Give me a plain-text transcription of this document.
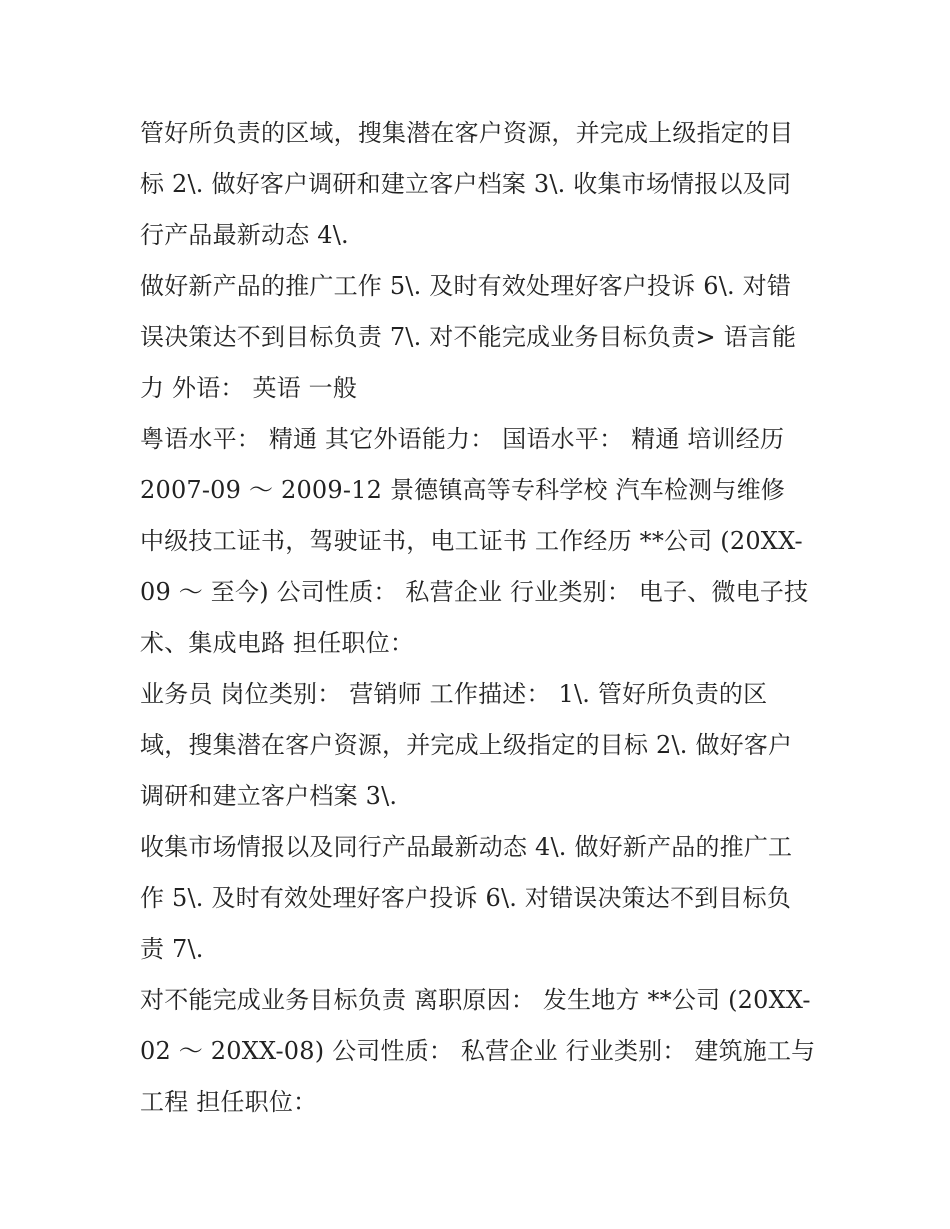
管好所负责的区域，搜集潜在客户资源，并完成上级指定的目
标 2\. 做好客户调研和建立客户档案 3\. 收集市场情报以及同
行产品最新动态 4\.
做好新产品的推广工作 5\. 及时有效处理好客户投诉 6\. 对错
误决策达不到目标负责 7\. 对不能完成业务目标负责> 语言能
力 外语： 英语 一般
粤语水平： 精通 其它外语能力： 国语水平： 精通 培训经历
2007-09 ～ 2009-12 景德镇高等专科学校 汽车检测与维修
中级技工证书，驾驶证书，电工证书 工作经历 **公司 (20XX-
09 ～ 至今) 公司性质： 私营企业 行业类别： 电子、微电子技
术、集成电路 担任职位：
业务员 岗位类别： 营销师 工作描述： 1\. 管好所负责的区
域，搜集潜在客户资源，并完成上级指定的目标 2\. 做好客户
调研和建立客户档案 3\.
收集市场情报以及同行产品最新动态 4\. 做好新产品的推广工
作 5\. 及时有效处理好客户投诉 6\. 对错误决策达不到目标负
责 7\.
对不能完成业务目标负责 离职原因： 发生地方 **公司 (20XX-
02 ～ 20XX-08) 公司性质： 私营企业 行业类别： 建筑施工与
工程 担任职位：
